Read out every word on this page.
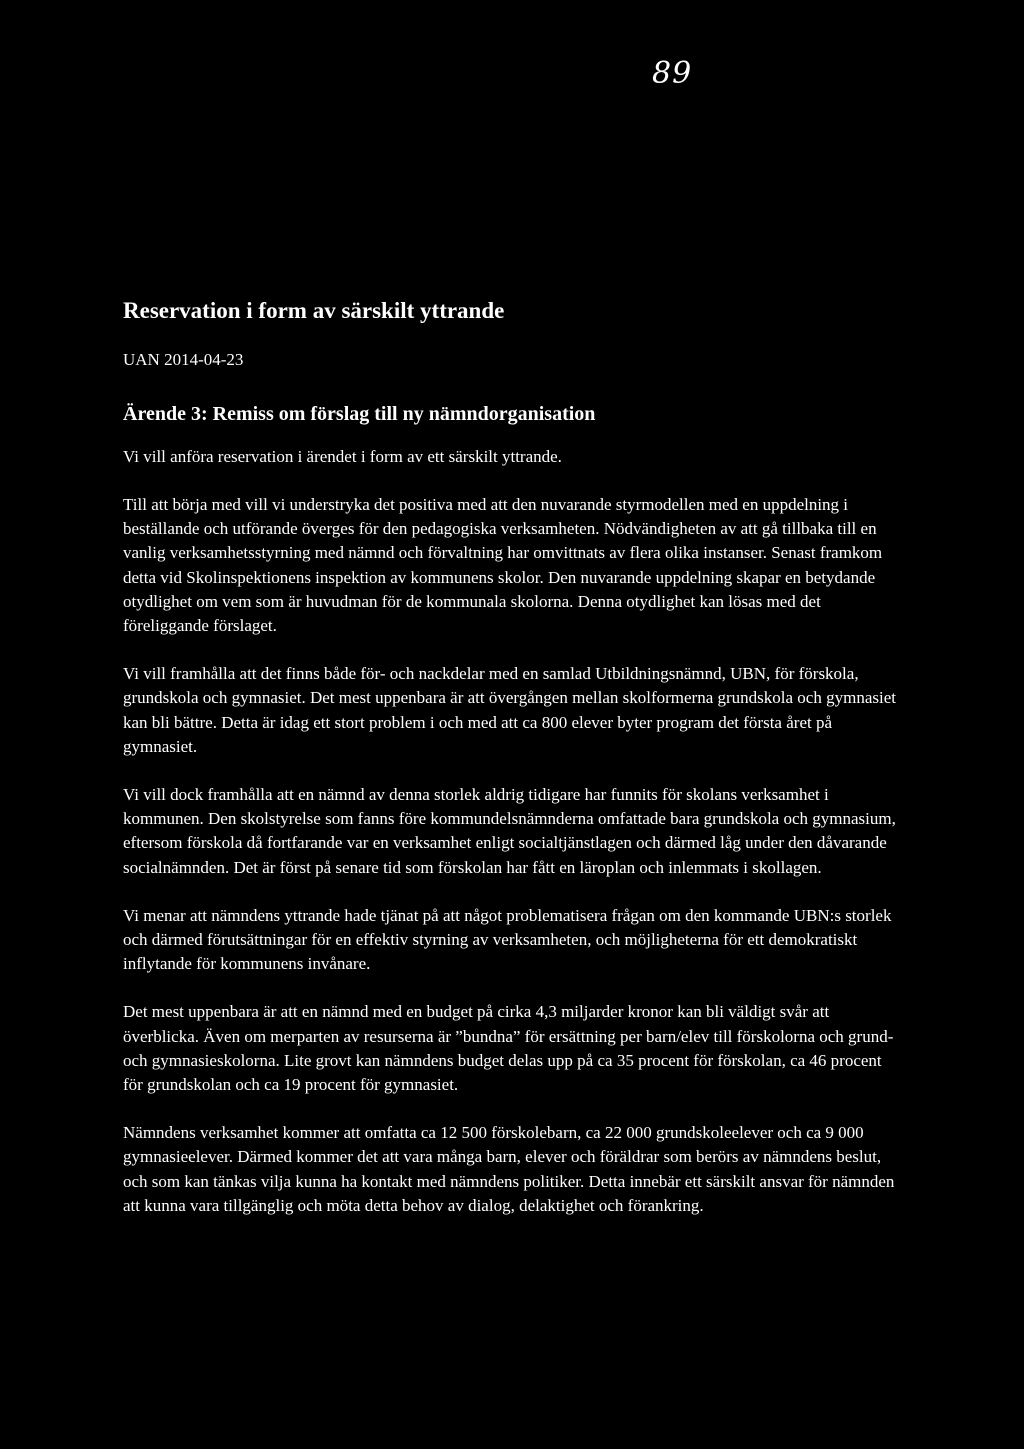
89
Reservation i form av särskilt yttrande

UAN 2014-04-23

Ärende 3: Remiss om förslag till ny nämndorganisation

Vi vill anföra reservation i ärendet i form av ett särskilt yttrande.

Till att börja med vill vi understryka det positiva med att den nuvarande styrmodellen med en uppdelning i beställande och utförande överges för den pedagogiska verksamheten. Nödvändigheten av att gå tillbaka till en vanlig verksamhetsstyrning med nämnd och förvaltning har omvittnats av flera olika instanser. Senast framkom detta vid Skolinspektionens inspektion av kommunens skolor. Den nuvarande uppdelning skapar en betydande otydlighet om vem som är huvudman för de kommunala skolorna. Denna otydlighet kan lösas med det föreliggande förslaget.

Vi vill framhålla att det finns både för- och nackdelar med en samlad Utbildningsnämnd, UBN, för förskola, grundskola och gymnasiet. Det mest uppenbara är att övergången mellan skolformerna grundskola och gymnasiet kan bli bättre. Detta är idag ett stort problem i och med att ca 800 elever byter program det första året på gymnasiet.

Vi vill dock framhålla att en nämnd av denna storlek aldrig tidigare har funnits för skolans verksamhet i kommunen. Den skolstyrelse som fanns före kommundelsnämnderna omfattade bara grundskola och gymnasium, eftersom förskola då fortfarande var en verksamhet enligt socialtjänstlagen och därmed låg under den dåvarande socialnämnden. Det är först på senare tid som förskolan har fått en läroplan och inlemmats i skollagen.

Vi menar att nämndens yttrande hade tjänat på att något problematisera frågan om den kommande UBN:s storlek och därmed förutsättningar för en effektiv styrning av verksamheten, och möjligheterna för ett demokratiskt inflytande för kommunens invånare.

Det mest uppenbara är att en nämnd med en budget på cirka 4,3 miljarder kronor kan bli väldigt svår att överblicka. Även om merparten av resurserna är ”bundna” för ersättning per barn/elev till förskolorna och grund- och gymnasieskolorna. Lite grovt kan nämndens budget delas upp på ca 35 procent för förskolan, ca 46 procent för grundskolan och ca 19 procent för gymnasiet.

Nämndens verksamhet kommer att omfatta ca 12 500 förskolebarn, ca 22 000 grundskoleelever och ca 9 000 gymnasieelever. Därmed kommer det att vara många barn, elever och föräldrar som berörs av nämndens beslut, och som kan tänkas vilja kunna ha kontakt med nämndens politiker. Detta innebär ett särskilt ansvar för nämnden att kunna vara tillgänglig och möta detta behov av dialog, delaktighet och förankring.
